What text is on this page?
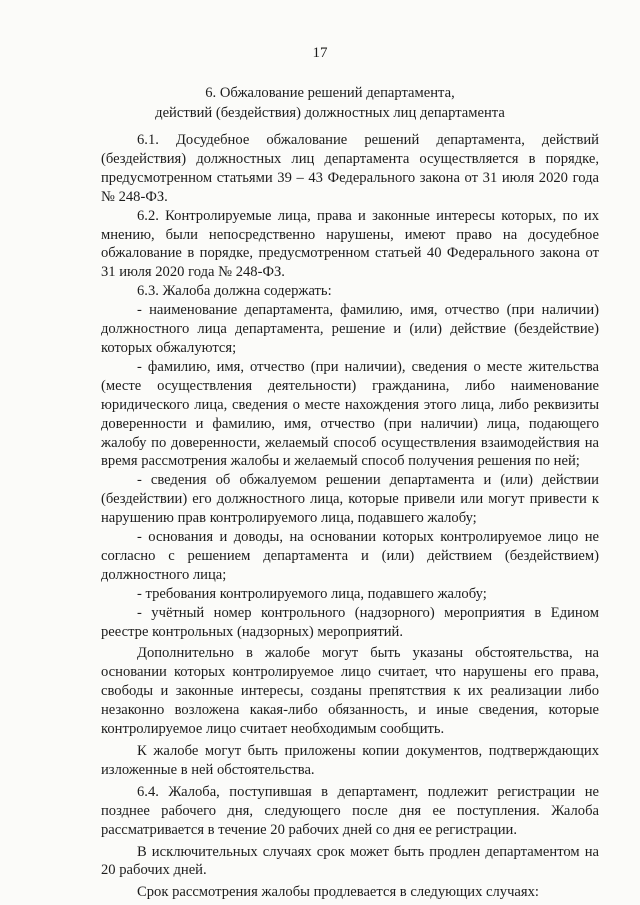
17
6. Обжалование решений департамента,
действий (бездействия) должностных лиц департамента

6.1. Досудебное обжалование решений департамента, действий (бездействия) должностных лиц департамента осуществляется в порядке, предусмотренном статьями 39 – 43 Федерального закона от 31 июля 2020 года № 248-ФЗ.

6.2. Контролируемые лица, права и законные интересы которых, по их мнению, были непосредственно нарушены, имеют право на досудебное обжалование в порядке, предусмотренном статьей 40 Федерального закона от 31 июля 2020 года № 248-ФЗ.

6.3. Жалоба должна содержать:

- наименование департамента, фамилию, имя, отчество (при наличии) должностного лица департамента, решение и (или) действие (бездействие) которых обжалуются;

- фамилию, имя, отчество (при наличии), сведения о месте жительства (месте осуществления деятельности) гражданина, либо наименование юридического лица, сведения о месте нахождения этого лица, либо реквизиты доверенности и фамилию, имя, отчество (при наличии) лица, подающего жалобу по доверенности, желаемый способ осуществления взаимодействия на время рассмотрения жалобы и желаемый способ получения решения по ней;

- сведения об обжалуемом решении департамента и (или) действии (бездействии) его должностного лица, которые привели или могут привести к нарушению прав контролируемого лица, подавшего жалобу;

- основания и доводы, на основании которых контролируемое лицо не согласно с решением департамента и (или) действием (бездействием) должностного лица;

- требования контролируемого лица, подавшего жалобу;

- учётный номер контрольного (надзорного) мероприятия в Едином реестре контрольных (надзорных) мероприятий.

Дополнительно в жалобе могут быть указаны обстоятельства, на основании которых контролируемое лицо считает, что нарушены его права, свободы и законные интересы, созданы препятствия к их реализации либо незаконно возложена какая-либо обязанность, и иные сведения, которые контролируемое лицо считает необходимым сообщить.

К жалобе могут быть приложены копии документов, подтверждающих изложенные в ней обстоятельства.

6.4. Жалоба, поступившая в департамент, подлежит регистрации не позднее рабочего дня, следующего после дня ее поступления. Жалоба рассматривается в течение 20 рабочих дней со дня ее регистрации.

В исключительных случаях срок может быть продлен департаментом на 20 рабочих дней.

Срок рассмотрения жалобы продлевается в следующих случаях:
